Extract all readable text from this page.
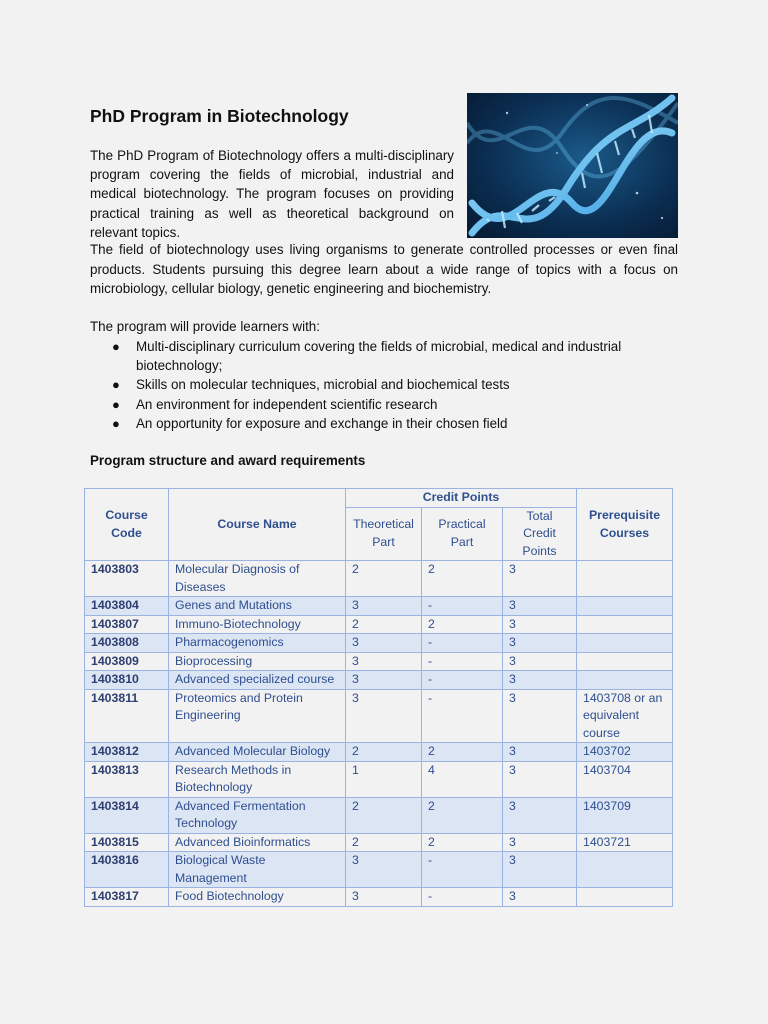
PhD Program in Biotechnology

The PhD Program of Biotechnology offers a multi-disciplinary program covering the fields of microbial, industrial and medical biotechnology. The program focuses on providing practical training as well as theoretical background on relevant topics.

The field of biotechnology uses living organisms to generate controlled processes or even final products. Students pursuing this degree learn about a wide range of topics with a focus on microbiology, cellular biology, genetic engineering and biochemistry.

The program will provide learners with:

● Multi-disciplinary curriculum covering the fields of microbial, medical and industrial biotechnology;
● Skills on molecular techniques, microbial and biochemical tests
● An environment for independent scientific research
● An opportunity for exposure and exchange in their chosen field
Program structure and award requirements
Course Code	Course Name	Credit Points			Prerequisite Courses
		Theoretical Part	Practical Part	Total Credit Points	
1403803	Molecular Diagnosis of Diseases	2	2	3	
1403804	Genes and Mutations	3	-	3	
1403807	Immuno-Biotechnology	2	2	3	
1403808	Pharmacogenomics	3	-	3	
1403809	Bioprocessing	3	-	3	
1403810	Advanced specialized course	3	-	3	
1403811	Proteomics and Protein Engineering	3	-	3	1403708 or an equivalent course
1403812	Advanced Molecular Biology	2	2	3	1403702
1403813	Research Methods in Biotechnology	1	4	3	1403704
1403814	Advanced Fermentation Technology	2	2	3	1403709
1403815	Advanced Bioinformatics	2	2	3	1403721
1403816	Biological Waste Management	3	-	3	
1403817	Food Biotechnology	3	-	3	
